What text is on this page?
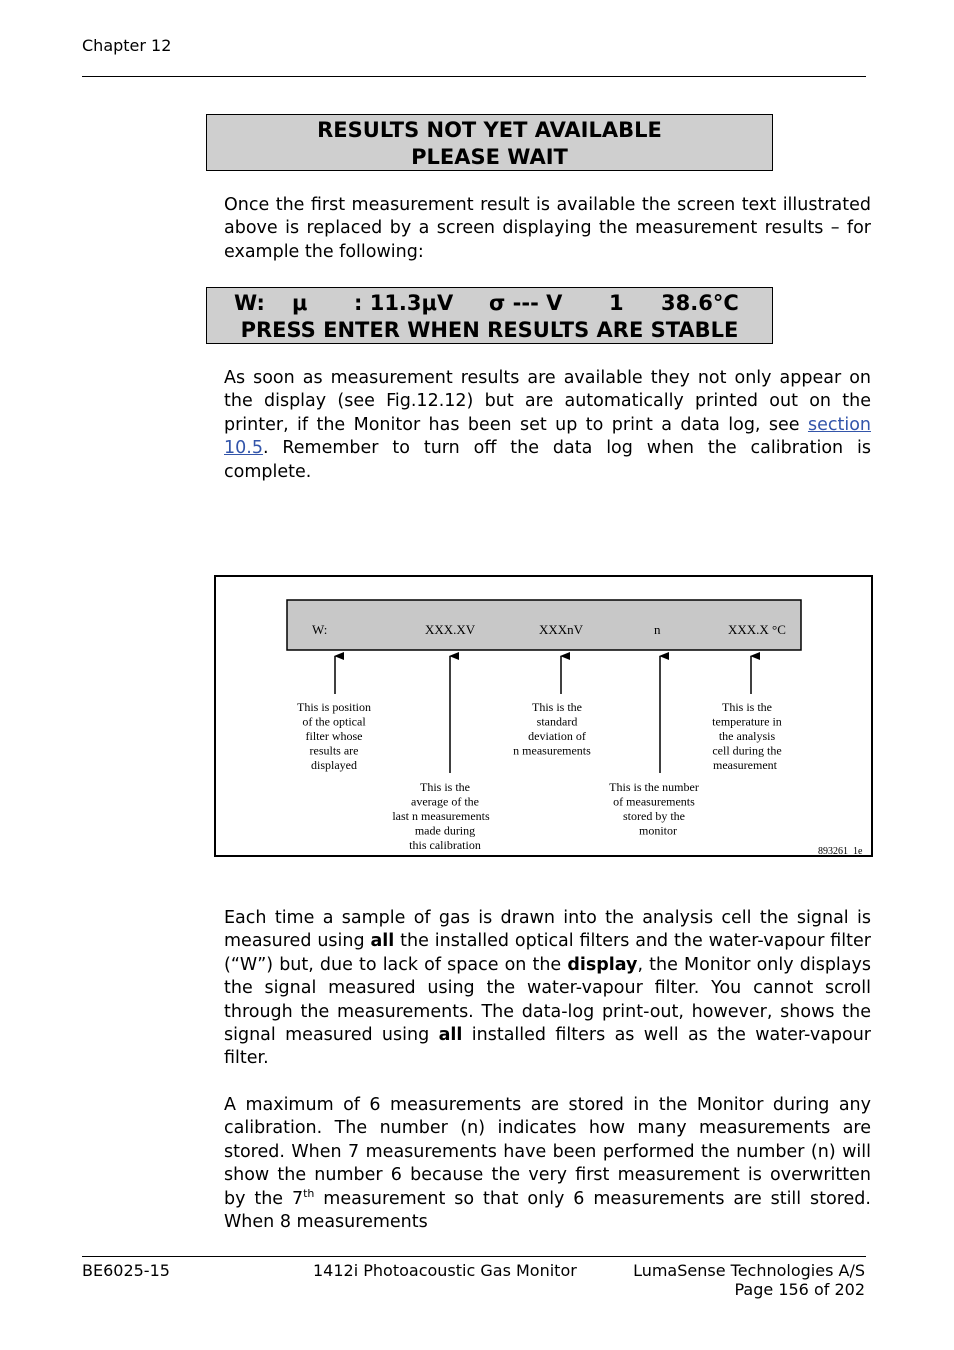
Chapter 12
RESULTS NOT YET AVAILABLE
PLEASE WAIT

Once the first measurement result is available the screen text illustrated above is replaced by a screen displaying the measurement results – for example the following:

W: μ : 11.3μV σ --- V 1 38.6°C
PRESS ENTER WHEN RESULTS ARE STABLE

As soon as measurement results are available they not only appear on the display (see Fig.12.12) but are automatically printed out on the printer, if the Monitor has been set up to print a data log, see section 10.5. Remember to turn off the data log when the calibration is complete.

W:	XXX.XV	XXXnV	n	XXX.X °C
This is position
of the optical
filter whose
results are
displayed
This is the
average of the
last n measurements
made during
this calibration
This is the
standard
deviation of
n measurements
This is the number
of measurements
stored by the
monitor
This is the
temperature in
the analysis
cell during the
measurement
893261_1e

Each time a sample of gas is drawn into the analysis cell the signal is measured using all the installed optical filters and the water-vapour filter (“W”) but, due to lack of space on the display, the Monitor only displays the signal measured using the water-vapour filter. You cannot scroll through the measurements. The data-log print-out, however, shows the signal measured using all installed filters as well as the water-vapour filter.

A maximum of 6 measurements are stored in the Monitor during any calibration. The number (n) indicates how many measurements are stored. When 7 measurements have been performed the number (n) will show the number 6 because the very first measurement is overwritten by the 7th measurement so that only 6 measurements are still stored. When 8 measurements

BE6025-15	1412i Photoacoustic Gas Monitor	LumaSense Technologies A/S
Page 156 of 202
